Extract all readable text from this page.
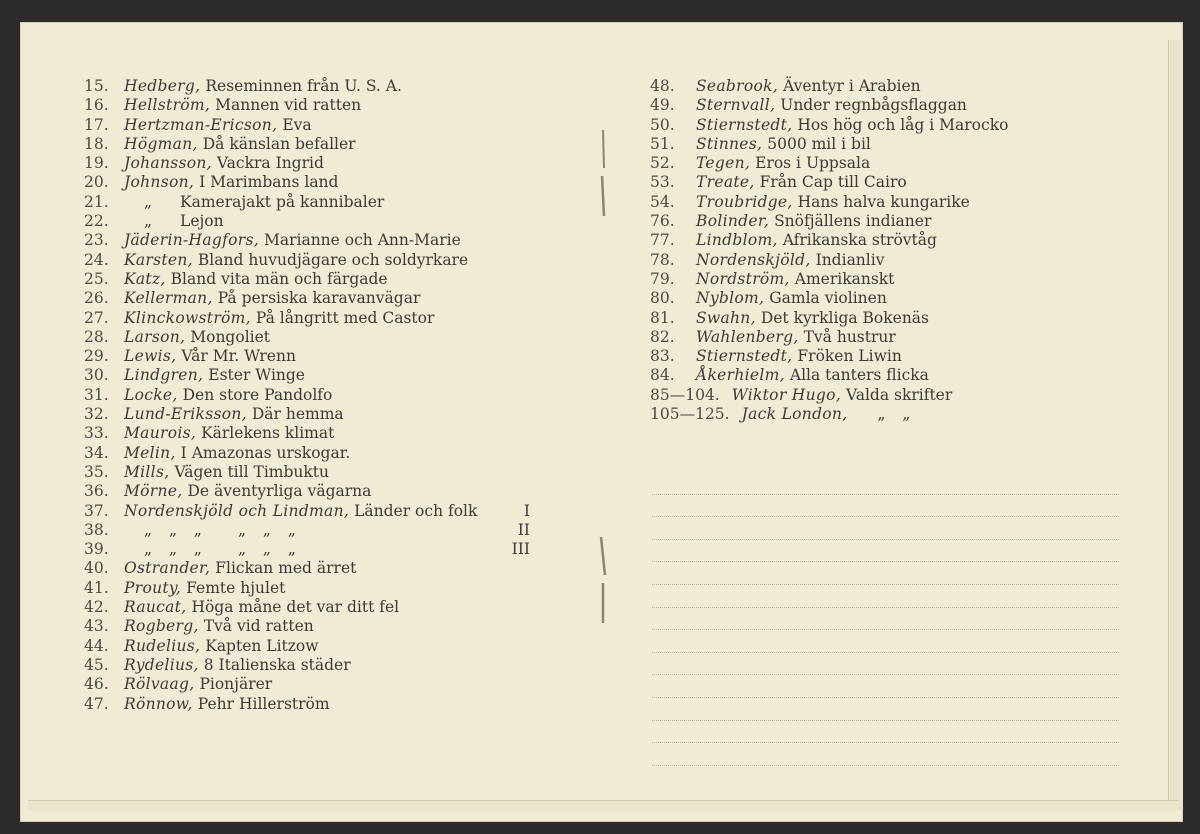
15. Hedberg, Reseminnen från U. S. A.
16. Hellström, Mannen vid ratten
17. Hertzman-Ericson, Eva
18. Högman, Då känslan befaller
19. Johansson, Vackra Ingrid
20. Johnson, I Marimbans land
21.	„ Kamerajakt på kannibaler
22.	„ Lejon
23. Jäderin-Hagfors, Marianne och Ann-Marie
24. Karsten, Bland huvudjägare och soldyrkare
25. Katz, Bland vita män och färgade
26. Kellerman, På persiska karavanvägar
27. Klinckowström, På långritt med Castor
28. Larson, Mongoliet
29. Lewis, Vår Mr. Wrenn
30. Lindgren, Ester Winge
31. Locke, Den store Pandolfo
32. Lund-Eriksson, Där hemma
33. Maurois, Kärlekens klimat
34. Melin, I Amazonas urskogar.
35. Mills, Vägen till Timbuktu
36. Mörne, De äventyrliga vägarna
37. Nordenskjöld och Lindman, Länder och folk	I
38.	„ „ „ „ „ „	II
39.	„ „ „ „ „ „	III
40. Ostrander, Flickan med ärret
41. Prouty, Femte hjulet
42. Raucat, Höga måne det var ditt fel
43. Rogberg, Två vid ratten
44. Rudelius, Kapten Litzow
45. Rydelius, 8 Italienska städer
46. Rölvaag, Pionjärer
47. Rönnow, Pehr Hillerström
48.	Seabrook, Äventyr i Arabien
49.	Sternvall, Under regnbågsflaggan
50.	Stiernstedt, Hos hög och låg i Marocko
51.	Stinnes, 5000 mil i bil
52.	Tegen, Eros i Uppsala
53.	Treate, Från Cap till Cairo
54.	Troubridge, Hans halva kungarike
76.	Bolinder, Snöfjällens indianer
77.	Lindblom, Afrikanska strövtåg
78.	Nordenskjöld, Indianliv
79.	Nordström, Amerikanskt
80.	Nyblom, Gamla violinen
81.	Swahn, Det kyrkliga Bokenäs
82.	Wahlenberg, Två hustrur
83.	Stiernstedt, Fröken Liwin
84.	Åkerhielm, Alla tanters flicka
85—104. Wiktor Hugo, Valda skrifter
105—125. Jack London, „ „
